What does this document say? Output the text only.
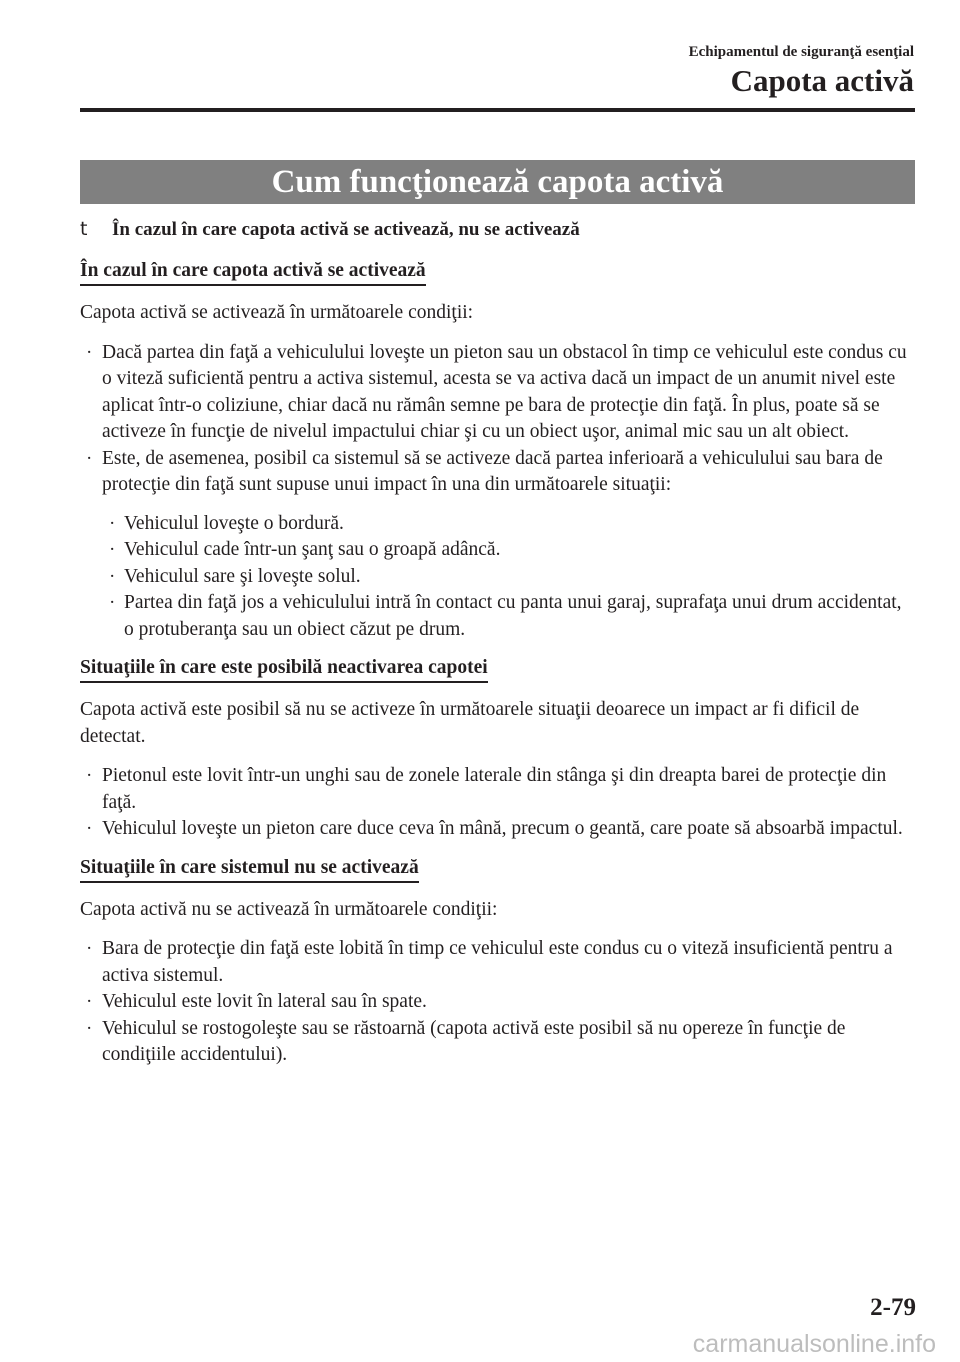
Echipamentul de siguranţă esenţial
Capota activă
Cum funcţionează capota activă
t În cazul în care capota activă se activează, nu se activează
În cazul în care capota activă se activează

Capota activă se activează în următoarele condiţii:

· Dacă partea din faţă a vehiculului loveşte un pieton sau un obstacol în timp ce vehiculul este condus cu o viteză suficientă pentru a activa sistemul, acesta se va activa dacă un impact de un anumit nivel este aplicat într-o coliziune, chiar dacă nu rămân semne pe bara de protecţie din faţă. În plus, poate să se activeze în funcţie de nivelul impactului chiar şi cu un obiect uşor, animal mic sau un alt obiect.
· Este, de asemenea, posibil ca sistemul să se activeze dacă partea inferioară a vehiculului sau bara de protecţie din faţă sunt supuse unui impact în una din următoarele situaţii:
· Vehiculul loveşte o bordură.
· Vehiculul cade într-un şanţ sau o groapă adâncă.
· Vehiculul sare şi loveşte solul.
· Partea din faţă jos a vehiculului intră în contact cu panta unui garaj, suprafaţa unui drum accidentat, o protuberanţa sau un obiect căzut pe drum.
Situaţiile în care este posibilă neactivarea capotei

Capota activă este posibil să nu se activeze în următoarele situaţii deoarece un impact ar fi dificil de detectat.

· Pietonul este lovit într-un unghi sau de zonele laterale din stânga şi din dreapta barei de protecţie din faţă.
· Vehiculul loveşte un pieton care duce ceva în mână, precum o geantă, care poate să absoarbă impactul.
Situaţiile în care sistemul nu se activează

Capota activă nu se activează în următoarele condiţii:

· Bara de protecţie din faţă este lobită în timp ce vehiculul este condus cu o viteză insuficientă pentru a activa sistemul.
· Vehiculul este lovit în lateral sau în spate.
· Vehiculul se rostogoleşte sau se răstoarnă (capota activă este posibil să nu opereze în funcţie de condiţiile accidentului).
2-79
carmanualsonline.info
